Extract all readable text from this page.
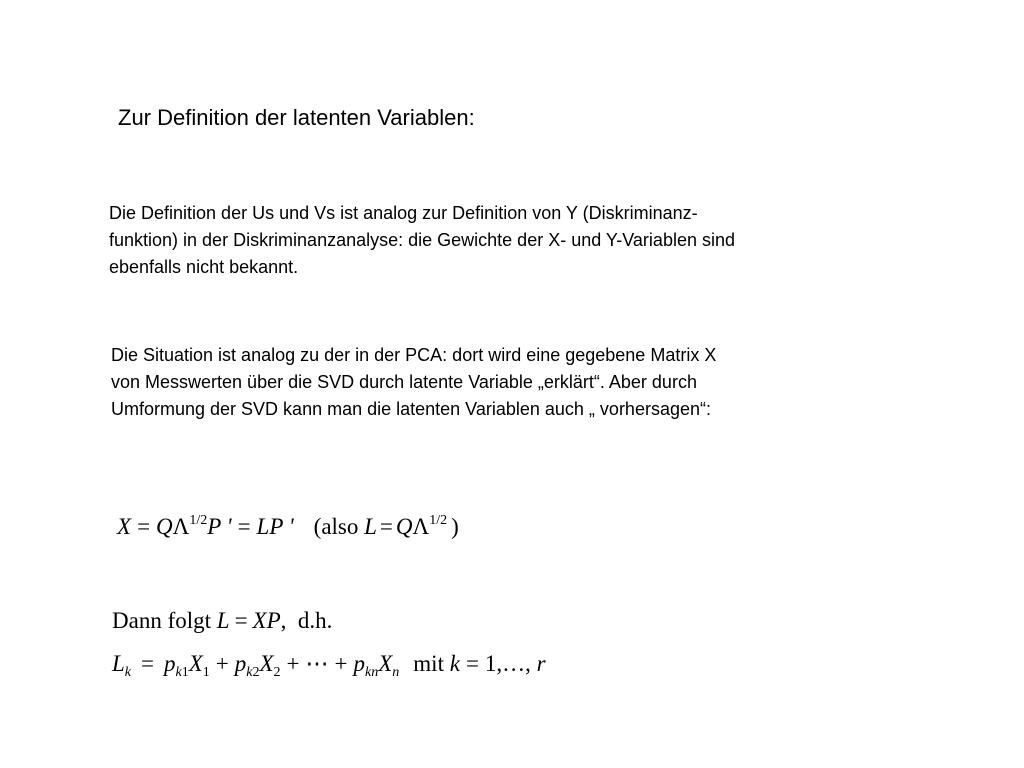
Zur Definition der latenten Variablen:
Die Definition der Us und Vs ist analog zur Definition von Y (Diskriminanz-
funktion) in der Diskriminanzanalyse: die Gewichte der X- und Y-Variablen sind
ebenfalls nicht bekannt.
Die Situation ist analog zu der in der PCA: dort wird eine gegebene Matrix X
von Messwerten über die SVD durch latente Variable „erklärt“. Aber durch
Umformung der SVD kann man die latenten Variablen auch „ vorhersagen“:
$X = Q\Lambda^{1/2}P$ ' = LP ' (also $L = Q\Lambda^{1/2}$ )
Dann folgt L = XP, d.h.
$L_k = p_{k1}X_1 + p_{k2}X_2$ + ⋯ + $p_{kn}X_n$ mit k = 1,…, r
